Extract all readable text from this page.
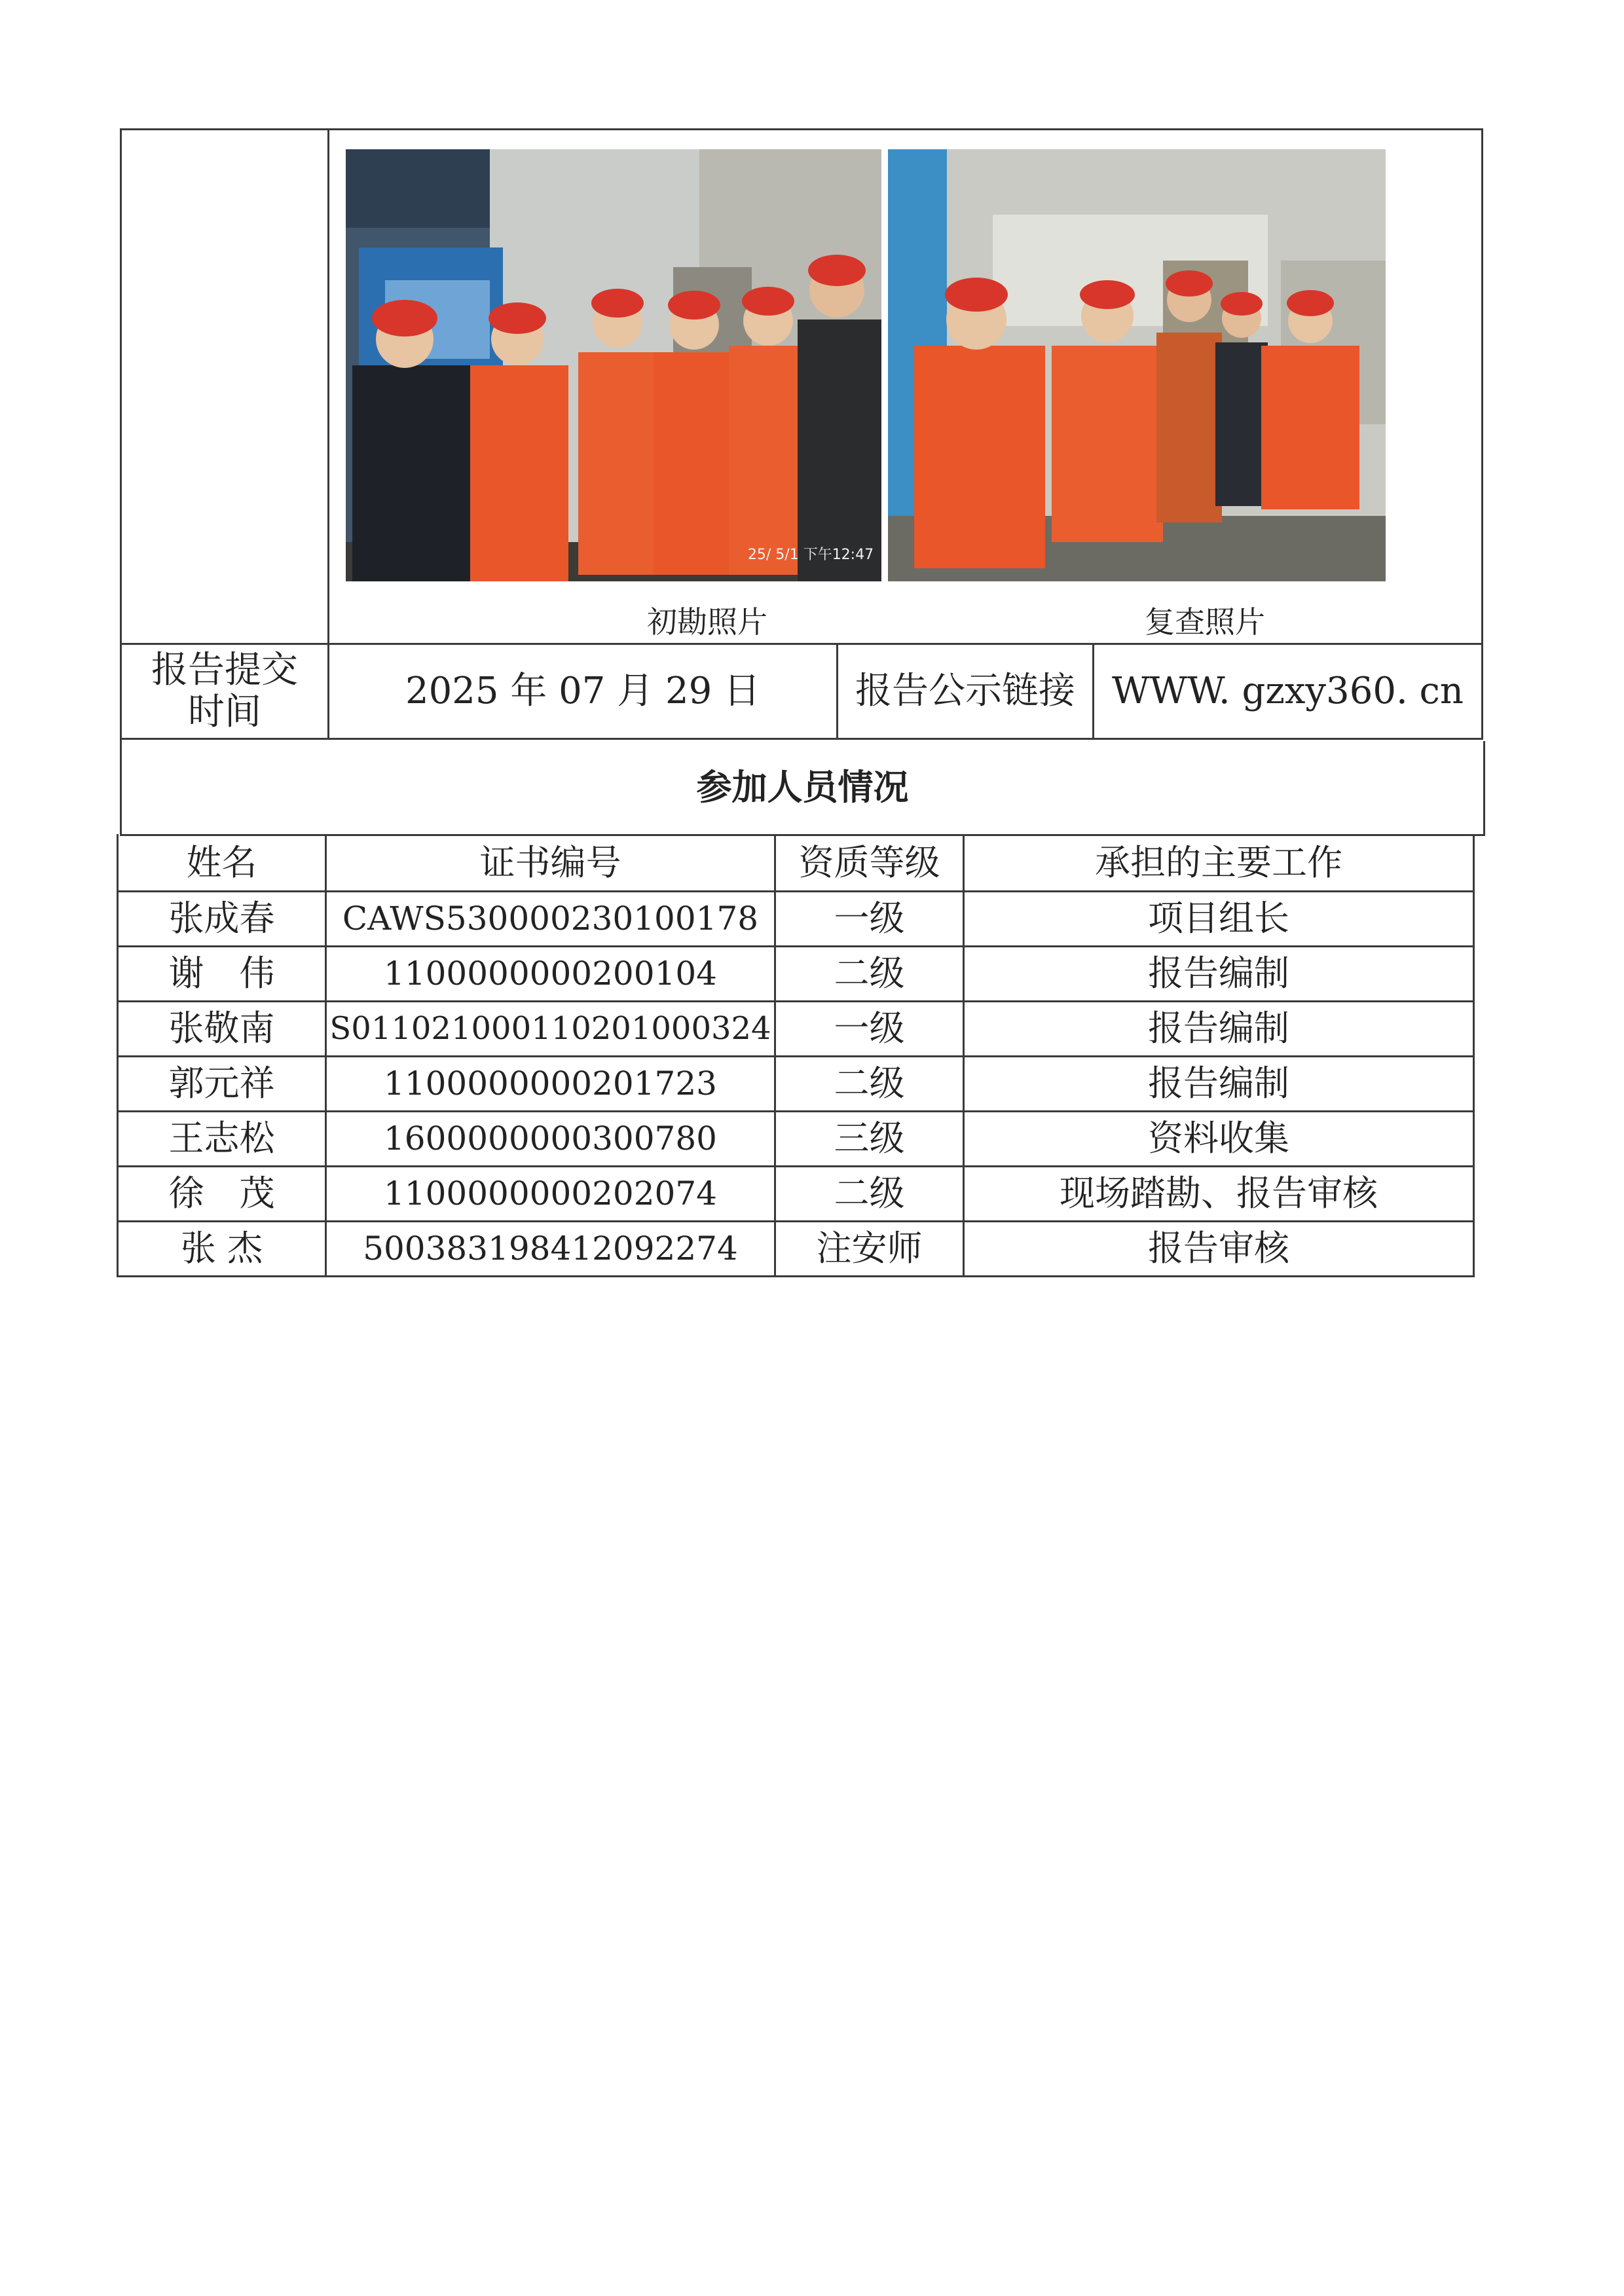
25/ 5/1 下午12:47
初勘照片	复查照片
报告提交
时间	2025 年 07 月 29 日	报告公示链接	WWW. gzxy360. cn
参加人员情况
姓名	证书编号	资质等级	承担的主要工作
张成春	CAWS530000230100178	一级	项目组长
谢　伟	1100000000200104	二级	报告编制
张敬南	S011021000110201000324	一级	报告编制
郭元祥	1100000000201723	二级	报告编制
王志松	1600000000300780	三级	资料收集
徐　茂	1100000000202074	二级	现场踏勘、报告审核
张 杰	500383198412092274	注安师	报告审核
